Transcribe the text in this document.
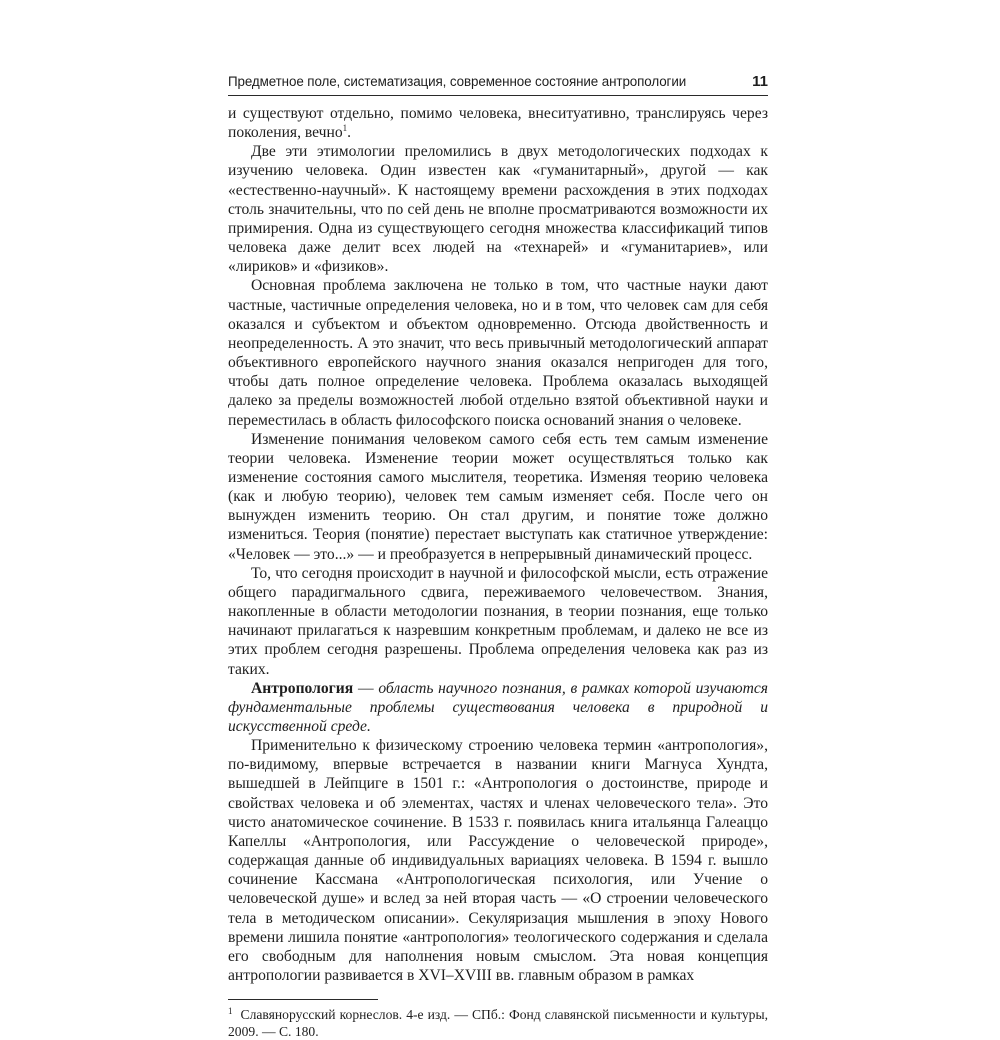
Предметное поле, систематизация, современное состояние антропологии	11

и существуют отдельно, помимо человека, внеситуативно, транслируясь через поколения, вечно$^1$.

Две эти этимологии преломились в двух методологических подходах к изучению человека. Один известен как «гуманитарный», другой — как «естественно-научный». К настоящему времени расхождения в этих подходах столь значительны, что по сей день не вполне просматриваются возможности их примирения. Одна из существующего сегодня множества классификаций типов человека даже делит всех людей на «технарей» и «гуманитариев», или «лириков» и «физиков».

Основная проблема заключена не только в том, что частные науки дают частные, частичные определения человека, но и в том, что человек сам для себя оказался и субъектом и объектом одновременно. Отсюда двойственность и неопределенность. А это значит, что весь привычный методологический аппарат объективного европейского научного знания оказался непригоден для того, чтобы дать полное определение человека. Проблема оказалась выходящей далеко за пределы возможностей любой отдельно взятой объективной науки и переместилась в область философского поиска оснований знания о человеке.

Изменение понимания человеком самого себя есть тем самым изменение теории человека. Изменение теории может осуществляться только как изменение состояния самого мыслителя, теоретика. Изменяя теорию человека (как и любую теорию), человек тем самым изменяет себя. После чего он вынужден изменить теорию. Он стал другим, и понятие тоже должно измениться. Теория (понятие) перестает выступать как статичное утверждение: «Человек — это...» — и преобразуется в непрерывный динамический процесс.

То, что сегодня происходит в научной и философской мысли, есть отражение общего парадигмального сдвига, переживаемого человечеством. Знания, накопленные в области методологии познания, в теории познания, еще только начинают прилагаться к назревшим конкретным проблемам, и далеко не все из этих проблем сегодня разрешены. Проблема определения человека как раз из таких.

Антропология — область научного познания, в рамках которой изучаются фундаментальные проблемы существования человека в природной и искусственной среде.

Применительно к физическому строению человека термин «антропология», по-видимому, впервые встречается в названии книги Магнуса Хундта, вышедшей в Лейпциге в 1501 г.: «Антропология о достоинстве, природе и свойствах человека и об элементах, частях и членах человеческого тела». Это чисто анатомическое сочинение. В 1533 г. появилась книга итальянца Галеаццо Капеллы «Антропология, или Рассуждение о человеческой природе», содержащая данные об индивидуальных вариациях человека. В 1594 г. вышло сочинение Кассмана «Антропологическая психология, или Учение о человеческой душе» и вслед за ней вторая часть — «О строении человеческого тела в методическом описании». Секуляризация мышления в эпоху Нового времени лишила понятие «антропология» теологического содержания и сделала его свободным для наполнения новым смыслом. Эта новая концепция антропологии развивается в XVI–XVIII вв. главным образом в рамках

$^1$ Славянорусский корнеслов. 4-е изд. — СПб.: Фонд славянской письменности и культуры, 2009. — С. 180.
